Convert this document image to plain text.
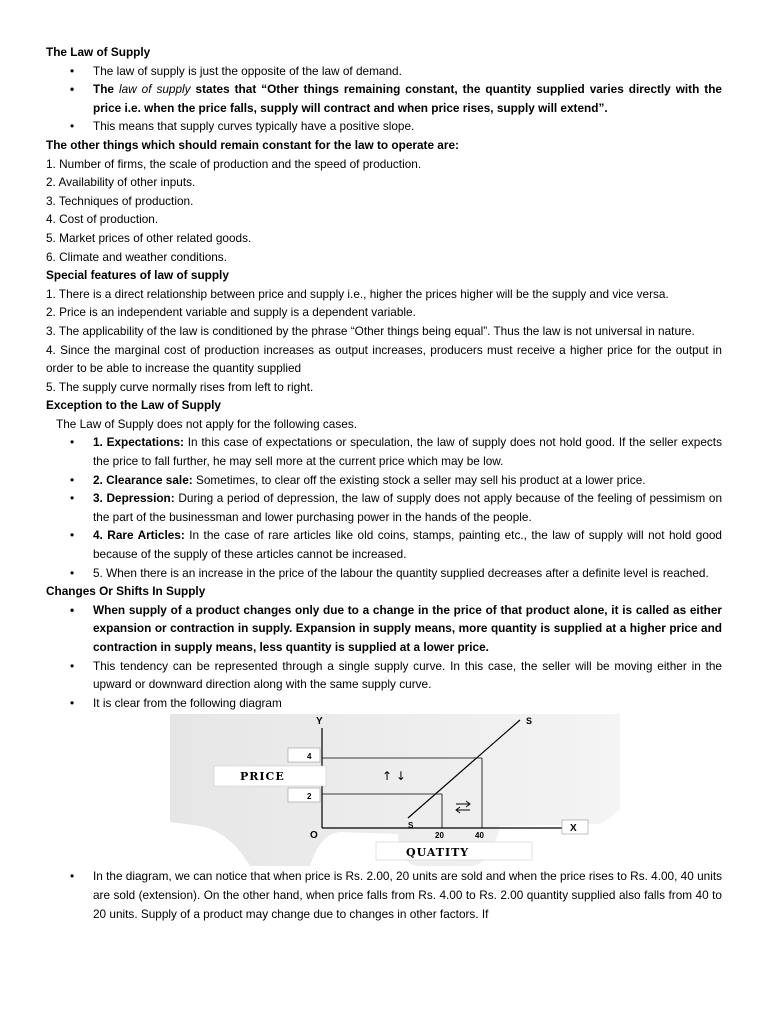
The Law of Supply

• The law of supply is just the opposite of the law of demand.
• The law of supply states that “Other things remaining constant, the quantity supplied varies directly with the price i.e. when the price falls, supply will contract and when price rises, supply will extend”.
• This means that supply curves typically have a positive slope.

The other things which should remain constant for the law to operate are:

1. Number of firms, the scale of production and the speed of production.

2. Availability of other inputs.

3. Techniques of production.

4. Cost of production.

5. Market prices of other related goods.

6. Climate and weather conditions.

Special features of law of supply

1. There is a direct relationship between price and supply i.e., higher the prices higher will be the supply and vice versa.

2. Price is an independent variable and supply is a dependent variable.

3. The applicability of the law is conditioned by the phrase “Other things being equal”. Thus the law is not universal in nature.

4. Since the marginal cost of production increases as output increases, producers must receive a higher price for the output in order to be able to increase the quantity supplied

5. The supply curve normally rises from left to right.

Exception to the Law of Supply

The Law of Supply does not apply for the following cases.

• 1. Expectations: In this case of expectations or speculation, the law of supply does not hold good. If the seller expects the price to fall further, he may sell more at the current price which may be low.
• 2. Clearance sale: Sometimes, to clear off the existing stock a seller may sell his product at a lower price.
• 3. Depression: During a period of depression, the law of supply does not apply because of the feeling of pessimism on the part of the businessman and lower purchasing power in the hands of the people.
• 4. Rare Articles: In the case of rare articles like old coins, stamps, painting etc., the law of supply will not hold good because of the supply of these articles cannot be increased.
• 5. When there is an increase in the price of the labour the quantity supplied decreases after a definite level is reached.

Changes Or Shifts In Supply

• When supply of a product changes only due to a change in the price of that product alone, it is called as either expansion or contraction in supply. Expansion in supply means, more quantity is supplied at a higher price and contraction in supply means, less quantity is supplied at a lower price.
• This tendency can be represented through a single supply curve. In this case, the seller will be moving either in the upward or downward direction along with the same supply curve.
• It is clear from the following diagram
Y
O
X
PRICE
4
2
S
S
↑ ↓
20	40
QUATITY
• In the diagram, we can notice that when price is Rs. 2.00, 20 units are sold and when the price rises to Rs. 4.00, 40 units are sold (extension). On the other hand, when price falls from Rs. 4.00 to Rs. 2.00 quantity supplied also falls from 40 to 20 units. Supply of a product may change due to changes in other factors. If
